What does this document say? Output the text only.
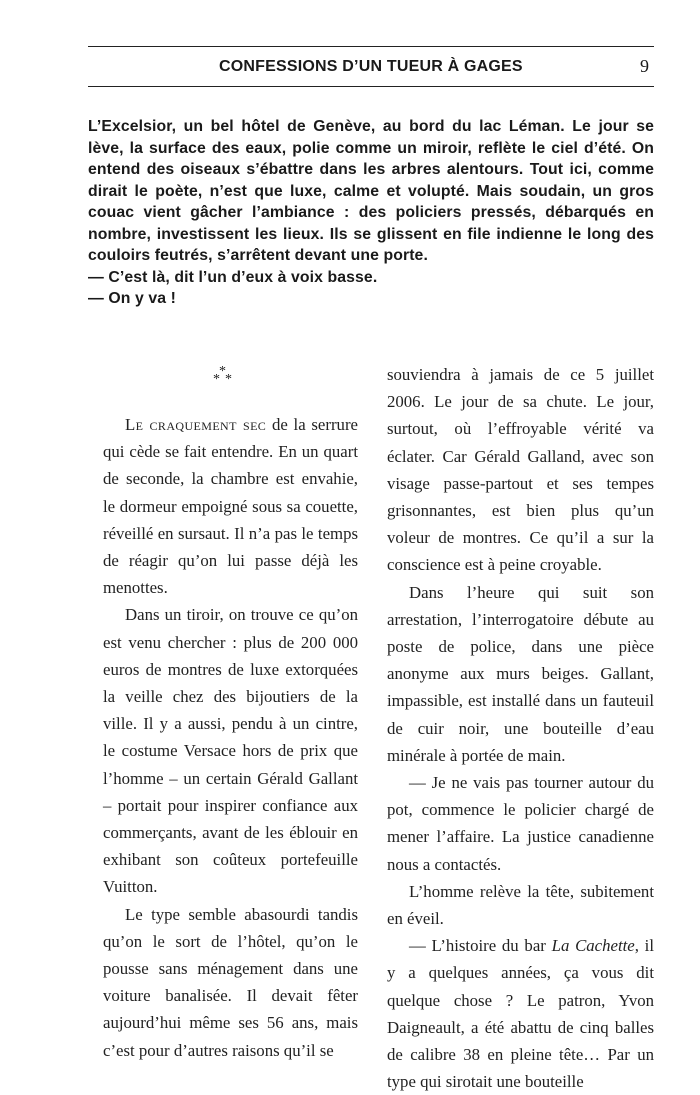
CONFESSIONS D’UN TUEUR À GAGES	9

L’Excelsior, un bel hôtel de Genève, au bord du lac Léman. Le jour se lève, la surface des eaux, polie comme un miroir, reflète le ciel d’été. On entend des oiseaux s’ébattre dans les arbres alentours. Tout ici, comme dirait le poète, n’est que luxe, calme et volupté. Mais soudain, un gros couac vient gâcher l’ambiance : des policiers pressés, débarqués en nombre, investissent les lieux. Ils se glissent en file indienne le long des couloirs feutrés, s’arrêtent devant une porte.

— C’est là, dit l’un d’eux à voix basse.

— On y va !

*
* *

Le craquement sec de la serrure qui cède se fait entendre. En un quart de seconde, la chambre est envahie, le dormeur empoigné sous sa couette, réveillé en sursaut. Il n’a pas le temps de réagir qu’on lui passe déjà les menottes.

Dans un tiroir, on trouve ce qu’on est venu chercher : plus de 200 000 euros de montres de luxe extorquées la veille chez des bijoutiers de la ville. Il y a aussi, pendu à un cintre, le costume Versace hors de prix que l’homme – un certain Gérald Gallant – portait pour inspirer confiance aux commerçants, avant de les éblouir en exhibant son coûteux portefeuille Vuitton.

Le type semble abasourdi tandis qu’on le sort de l’hôtel, qu’on le pousse sans ménagement dans une voiture banalisée. Il devait fêter aujourd’hui même ses 56 ans, mais c’est pour d’autres raisons qu’il se

souviendra à jamais de ce 5 juillet 2006. Le jour de sa chute. Le jour, surtout, où l’effroyable vérité va éclater. Car Gérald Galland, avec son visage passe-partout et ses tempes grisonnantes, est bien plus qu’un voleur de montres. Ce qu’il a sur la conscience est à peine croyable.

Dans l’heure qui suit son arrestation, l’interrogatoire débute au poste de police, dans une pièce anonyme aux murs beiges. Gallant, impassible, est installé dans un fauteuil de cuir noir, une bouteille d’eau minérale à portée de main.

— Je ne vais pas tourner autour du pot, commence le policier chargé de mener l’affaire. La justice canadienne nous a contactés.

L’homme relève la tête, subitement en éveil.

— L’histoire du bar La Cachette, il y a quelques années, ça vous dit quelque chose ? Le patron, Yvon Daigneault, a été abattu de cinq balles de calibre 38 en pleine tête… Par un type qui sirotait une bouteille
